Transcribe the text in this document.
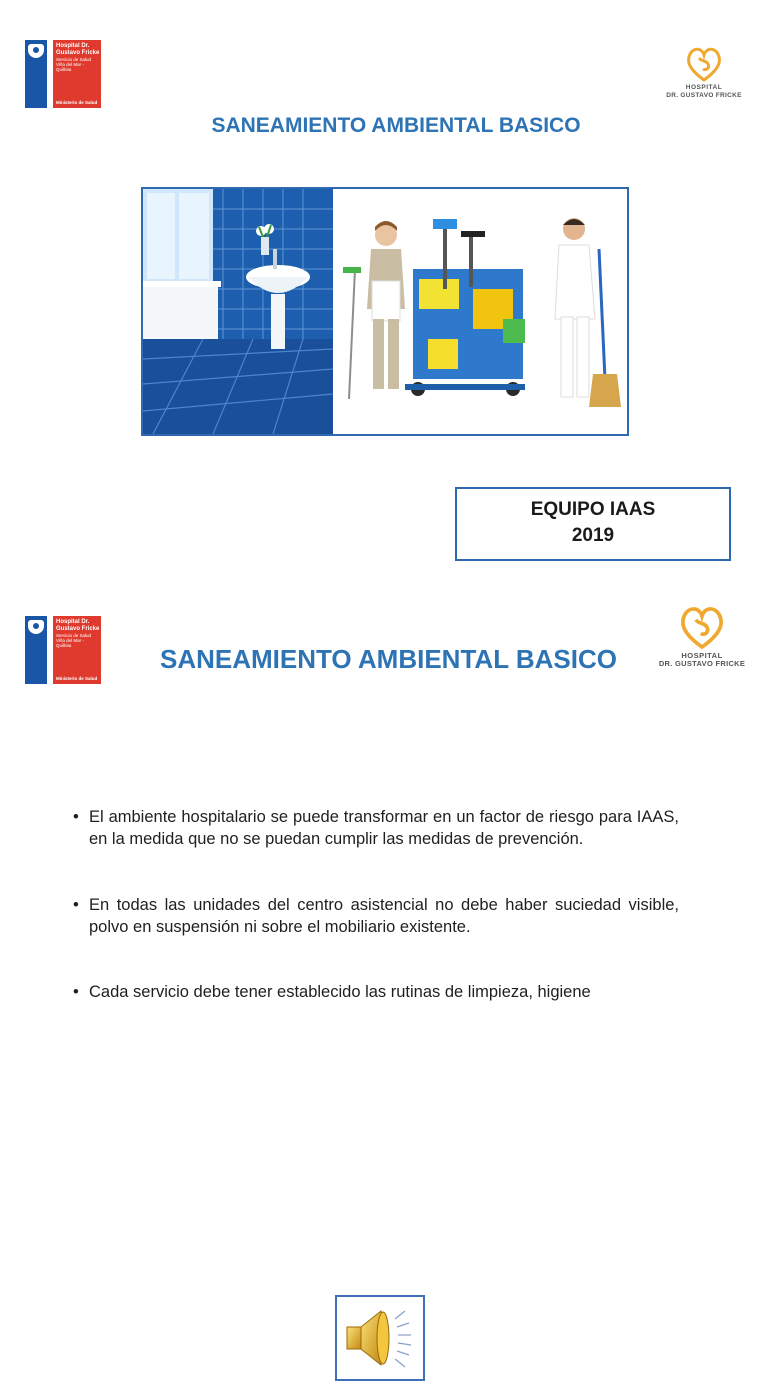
Hospital Dr. Gustavo Fricke
Servicio de Salud Viña del Mar - Quillota
Ministerio de Salud
HOSPITAL
DR. GUSTAVO FRICKE
SANEAMIENTO AMBIENTAL BASICO
EQUIPO IAAS
2019
Hospital Dr. Gustavo Fricke
Servicio de Salud Viña del Mar - Quillota
Ministerio de Salud
HOSPITAL
DR. GUSTAVO FRICKE
SANEAMIENTO AMBIENTAL BASICO
• El ambiente hospitalario se puede transformar en un factor de riesgo para IAAS, en la medida que no se puedan cumplir las medidas de prevención.
• En todas las unidades del centro asistencial no debe haber suciedad visible, polvo en suspensión ni sobre el mobiliario existente.
• Cada servicio debe tener establecido las rutinas de limpieza, higiene
